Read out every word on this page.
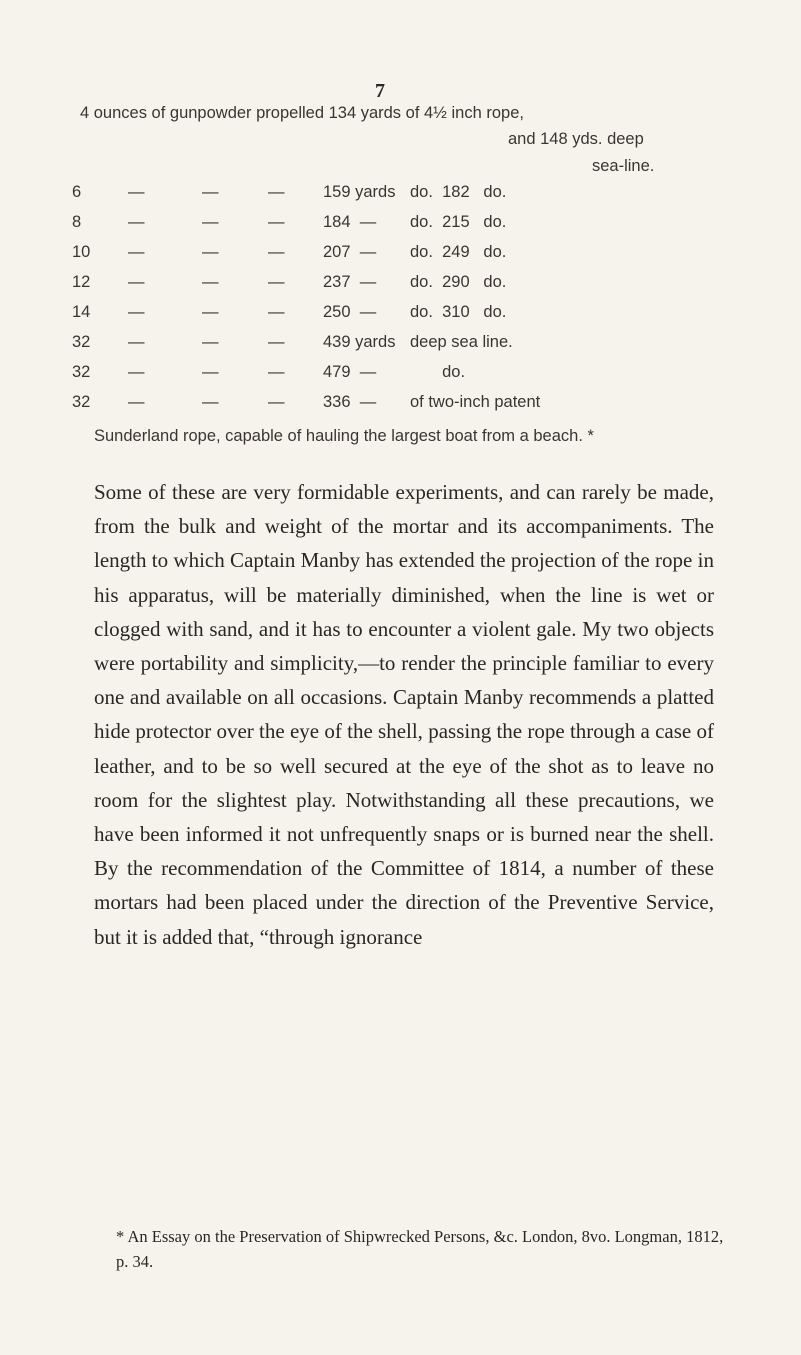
7
4 ounces of gunpowder propelled 134 yards of 4½ inch rope,
and 148 yds. deep
sea-line.
6	—	—	— 159 yards do.  182   do.
8	—	—	— 184  — do.  215   do.
10	—	—	— 207  — do.  249   do.
12	—	—	— 237  — do.  290   do.
14	—	—	— 250  — do.  310   do.
32	—	—	— 439 yards deep sea line.
32	—	—	— 479  — do.
32	—	—	— 336  — of two-inch patent
Sunderland rope, capable of hauling the largest boat from a beach. *
Some of these are very formidable experiments, and can rarely be made, from the bulk and weight of the mortar and its accompaniments. The length to which Captain Manby has extended the projection of the rope in his apparatus, will be materially diminished, when the line is wet or clogged with sand, and it has to encounter a violent gale. My two objects were portability and simplicity,—to render the principle familiar to every one and available on all occasions. Captain Manby recommends a platted hide protector over the eye of the shell, passing the rope through a case of leather, and to be so well secured at the eye of the shot as to leave no room for the slightest play. Notwithstanding all these precautions, we have been informed it not unfrequently snaps or is burned near the shell. By the recommendation of the Committee of 1814, a number of these mortars had been placed under the direction of the Preventive Service, but it is added that, “through ignorance
* An Essay on the Preservation of Shipwrecked Persons, &c. London, 8vo. Longman, 1812, p. 34.
